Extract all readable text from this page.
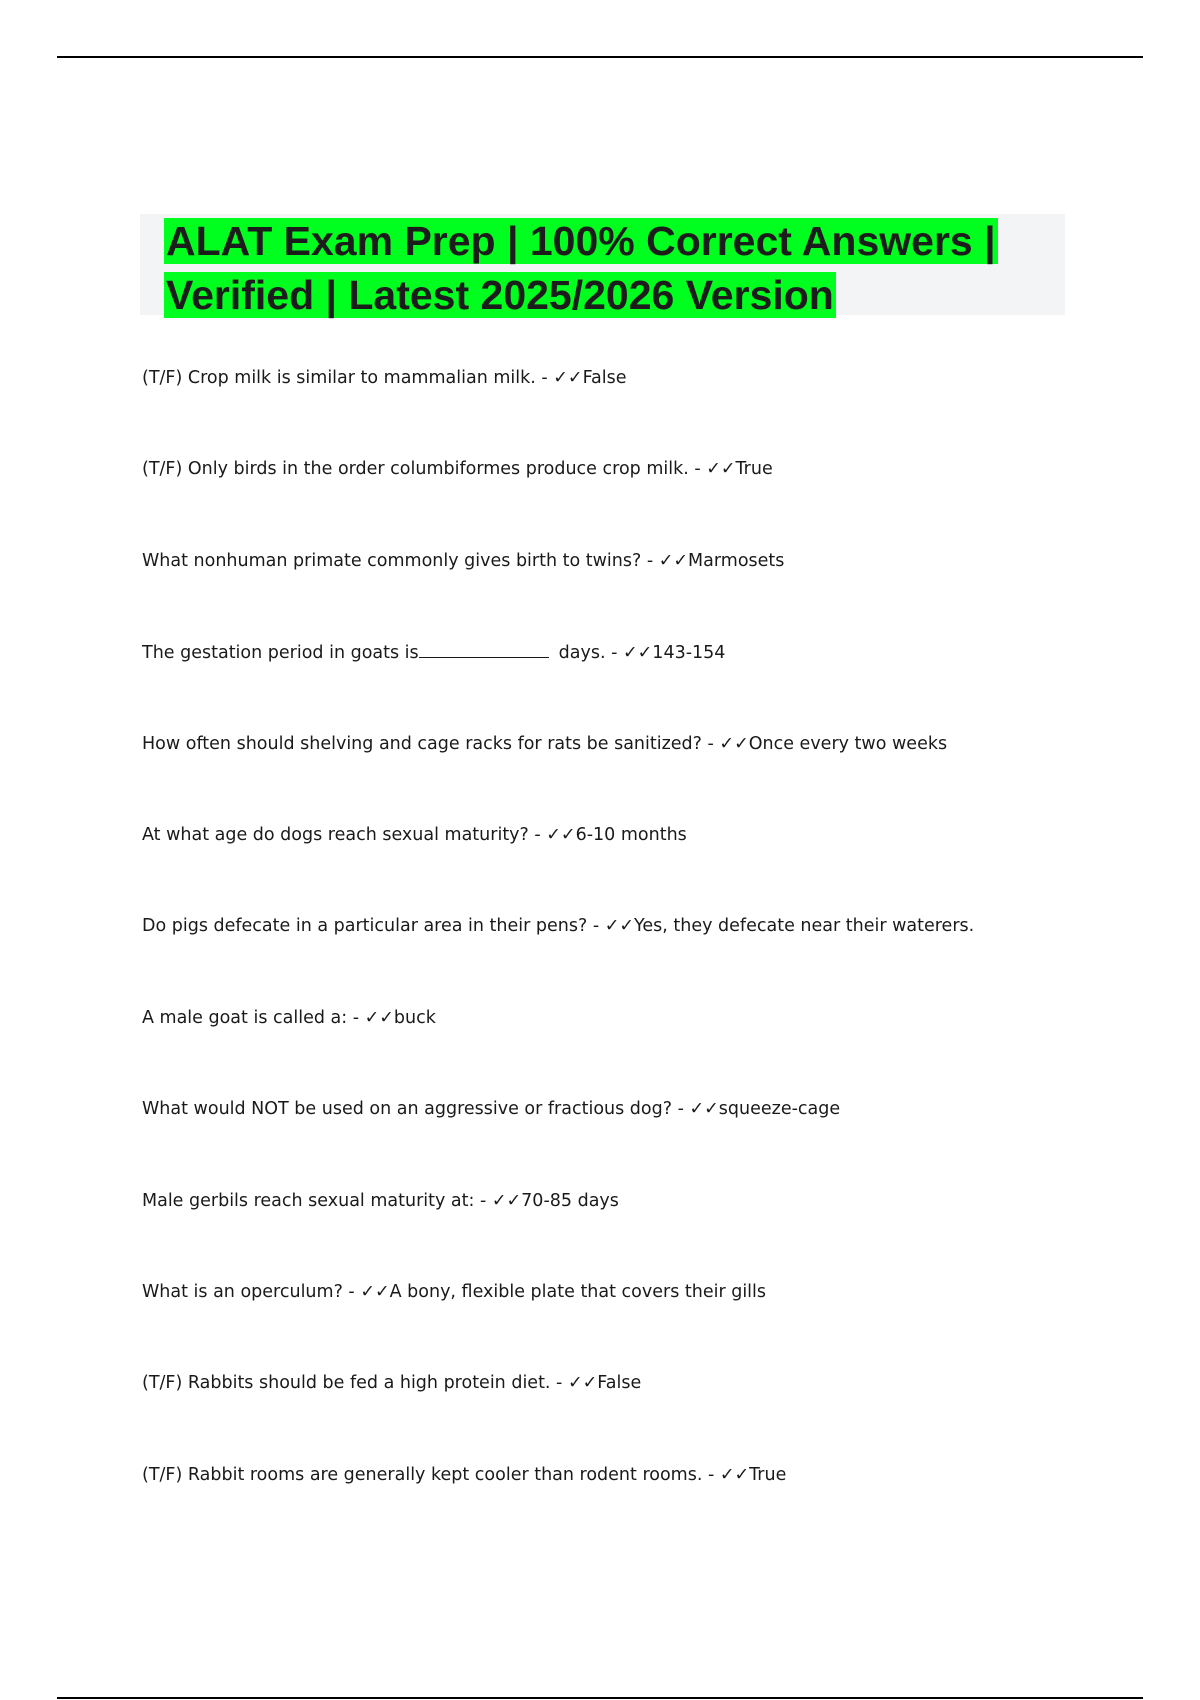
ALAT Exam Prep | 100% Correct Answers |
Verified | Latest 2025/2026 Version
(T/F) Crop milk is similar to mammalian milk. - ✓✓False
(T/F) Only birds in the order columbiformes produce crop milk. - ✓✓True
What nonhuman primate commonly gives birth to twins? - ✓✓Marmosets
The gestation period in goats is	days. - ✓✓143-154
How often should shelving and cage racks for rats be sanitized? - ✓✓Once every two weeks
At what age do dogs reach sexual maturity? - ✓✓6-10 months
Do pigs defecate in a particular area in their pens? - ✓✓Yes, they defecate near their waterers.
A male goat is called a: - ✓✓buck
What would NOT be used on an aggressive or fractious dog? - ✓✓squeeze-cage
Male gerbils reach sexual maturity at: - ✓✓70-85 days
What is an operculum? - ✓✓A bony, flexible plate that covers their gills
(T/F) Rabbits should be fed a high protein diet. - ✓✓False
(T/F) Rabbit rooms are generally kept cooler than rodent rooms. - ✓✓True
